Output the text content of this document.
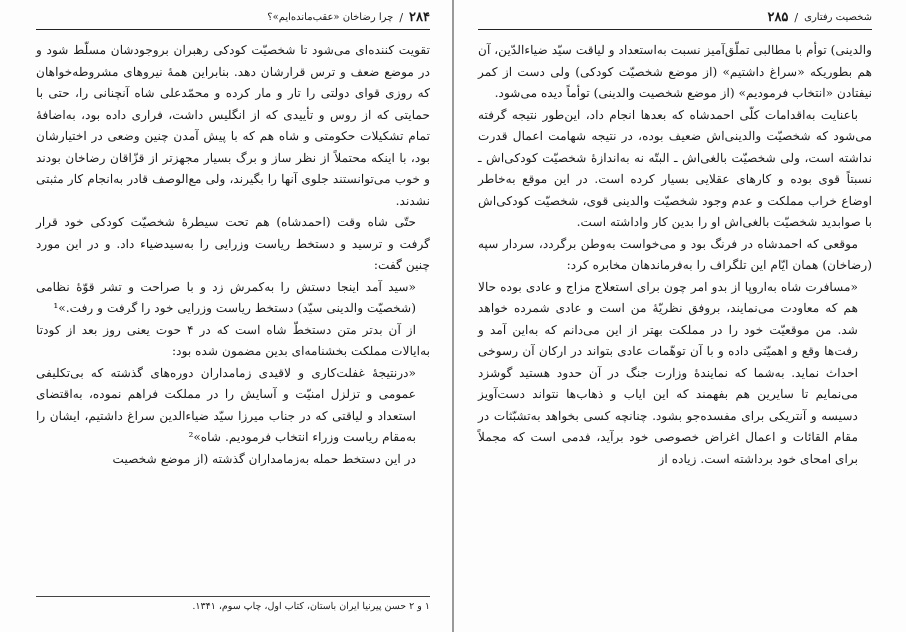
۲۸۴
/
چرا رضاخان «عقب‌مانده‌ایم»؟

تقویت کننده‌ای می‌شود تا شخصیّت کودکی رهبران بروجودشان مسلّط شود و در موضع ضعف و ترس قرارشان دهد. بنابراین همهٔ نیروهای مشروطه‌خواهان که روزی قوای دولتی را تار و مار کرده و محمّدعلی شاه آنچنانی را، حتی با حمایتی که از روس و تأییدی که از انگلیس داشت، فراری داده بود، به‌اضافهٔ تمام تشکیلات حکومتی و شاه هم که با پیش آمدن چنین وضعی در اختیارشان بود، با اینکه محتملاً از نظر ساز و برگ بسیار مجهزتر از قزّاقان رضاخان بودند و خوب می‌توانستند جلوی آنها را بگیرند، ولی مع‌الوصف قادر به‌انجام کار مثبتی نشدند.

حتّی شاه وقت (احمدشاه) هم تحت سیطرهٔ شخصیّت کودکی خود قرار گرفت و ترسید و دستخط ریاست وزرایی را به‌سیدضیاء داد. و در این مورد چنین گفت:

«سید آمد اینجا دستش را به‌کمرش زد و با صراحت و تشر قوّهٔ نظامی (شخصیّت والدینی سیّد) دستخط ریاست وزرایی خود را گرفت و رفت.»¹

از آن بدتر متن دستخطّ شاه است که در ۴ حوت یعنی روز بعد از کودتا به‌ایالات مملکت بخشنامه‌ای بدین مضمون شده بود:

«درنتیجهٔ غفلت‌کاری و لاقیدی زمامداران دوره‌های گذشته که بی‌تکلیفی عمومی و تزلزل امنیّت و آسایش را در مملکت فراهم نموده، به‌اقتضای استعداد و لیاقتی که در جناب میرزا سیّد ضیاءالدین سراغ داشتیم، ایشان را به‌مقام ریاست وزراء انتخاب فرمودیم. شاه»²

در این دستخط حمله به‌زمامداران گذشته (از موضع شخصیت

۱ و ۲ حسن پیرنیا ایران باستان، کتاب اول، چاپ سوم، ۱۳۴۱.
شخصیت رفتاری
/
۲۸۵

والدینی) توأم با مطالبی تملّق‌آمیز نسبت به‌استعداد و لیاقت سیّد ضیاءالدّین، آن هم بطوریکه «سراغ داشتیم» (از موضع شخصیّت کودکی) ولی دست از کمر نیفتادن «انتخاب فرمودیم» (از موضع شخصیت والدینی) توأماً دیده می‌شود.

باعنایت به‌اقدامات کلّی احمدشاه که بعدها انجام داد، این‌طور نتیجه گرفته می‌شود که شخصیّت والدینی‌اش ضعیف بوده، در نتیجه شهامت اعمال قدرت نداشته است، ولی شخصیّت بالغی‌اش ـ البتّه نه به‌اندازهٔ شخصیّت کودکی‌اش ـ نسبتاً قوی بوده و کارهای عقلایی بسیار کرده است. در این موقع به‌خاطر اوضاع خراب مملکت و عدم وجود شخصیّت والدینی قوی، شخصیّت کودکی‌اش با صوابدید شخصیّت بالغی‌اش او را بدین کار واداشته است.

موقعی که احمدشاه در فرنگ بود و می‌خواست به‌وطن برگردد، سردار سپه (رضاخان) همان ایّام این تلگراف را به‌فرماندهان مخابره کرد:

«مسافرت شاه به‌اروپا از بدو امر چون برای استعلاج مزاج و عادی بوده حالا هم که معاودت می‌نمایند، بروفق نظریّهٔ من است و عادی شمرده خواهد شد. من موقعیّت خود را در مملکت بهتر از این می‌دانم که به‌این آمد و رفت‌ها وقع و اهمیّتی داده و با آن توهّمات عادی بتواند در ارکان آن رسوخی احداث نماید. به‌شما که نمایندهٔ وزارت جنگ در آن حدود هستید گوشزد می‌نمایم تا سایرین هم بفهمند که این ایاب و ذهاب‌ها نتواند دست‌آویز دسیسه و آنتریکی برای مفسده‌جو بشود. چنانچه کسی بخواهد به‌تشبّثات در مقام القائات و اعمال اغراض خصوصی خود برآید، فدمی است که مجملاً برای امحای خود برداشته است. زیاده از
